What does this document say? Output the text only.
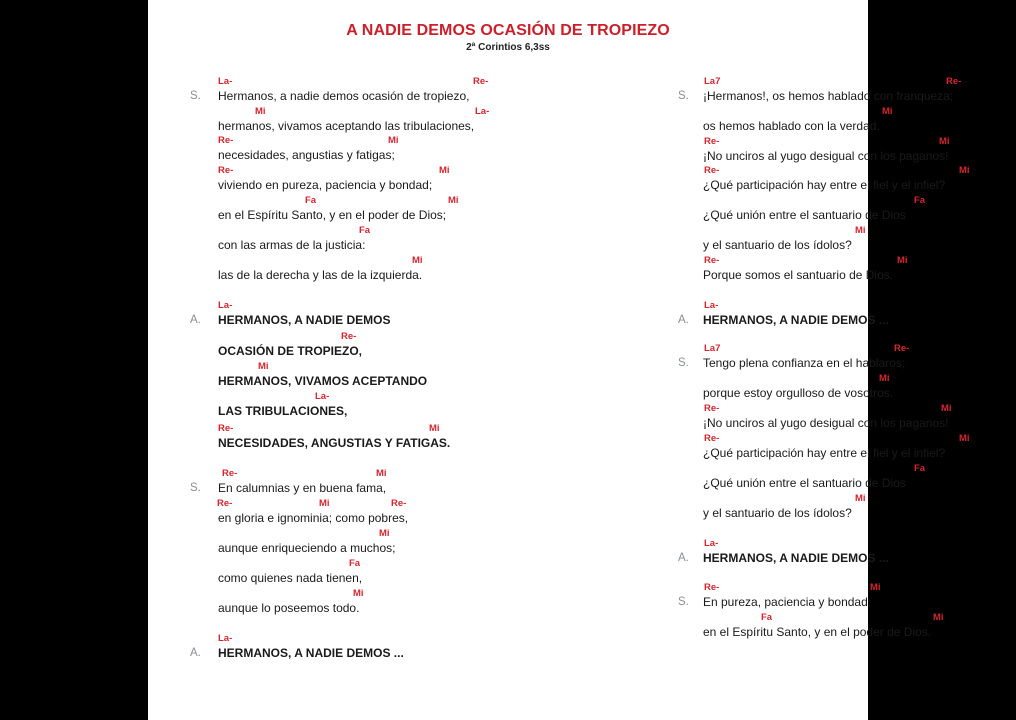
A NADIE DEMOS OCASIÓN DE TROPIEZO
2ª Corintios 6,3ss
La-	Re-
S. Hermanos, a nadie demos ocasión de tropiezo,
Mi	La-
hermanos, vivamos aceptando las tribulaciones,
Re-	Mi
necesidades, angustias y fatigas;
Re-	Mi
viviendo en pureza, paciencia y bondad;
Fa	Mi
en el Espíritu Santo, y en el poder de Dios;
Fa
con las armas de la justicia:
Mi
las de la derecha y las de la izquierda.
La-
A. HERMANOS, A NADIE DEMOS
Re-
OCASIÓN DE TROPIEZO,
Mi
HERMANOS, VIVAMOS ACEPTANDO
La-
LAS TRIBULACIONES,
Re-	Mi
NECESIDADES, ANGUSTIAS Y FATIGAS.
Re-	Mi
S. En calumnias y en buena fama,
Re-	Mi	Re-
en gloria e ignominia; como pobres,
Mi
aunque enriqueciendo a muchos;
Fa
como quienes nada tienen,
Mi
aunque lo poseemos todo.
La-
A. HERMANOS, A NADIE DEMOS ...
La7	Re-
S. ¡Hermanos!, os hemos hablado con franqueza;
Mi
os hemos hablado con la verdad.
Re-	Mi
¡No unciros al yugo desigual con los paganos!
Re-	Mi
¿Qué participación hay entre el fiel y el infiel?
Fa
¿Qué unión entre el santuario de Dios
Mi
y el santuario de los ídolos?
Re-	Mi
Porque somos el santuario de Dios.
La-
A. HERMANOS, A NADIE DEMOS ...
La7	Re-
S. Tengo plena confianza en el hablaros;
Mi
porque estoy orgulloso de vosotros.
Re-	Mi
¡No unciros al yugo desigual con los paganos!
Re-	Mi
¿Qué participación hay entre el fiel y el infiel?
Fa
¿Qué unión entre el santuario de Dios
Mi
y el santuario de los ídolos?
La-
A. HERMANOS, A NADIE DEMOS ...
Re-	Mi
S. En pureza, paciencia y bondad;
Fa	Mi
en el Espíritu Santo, y en el poder de Dios.
